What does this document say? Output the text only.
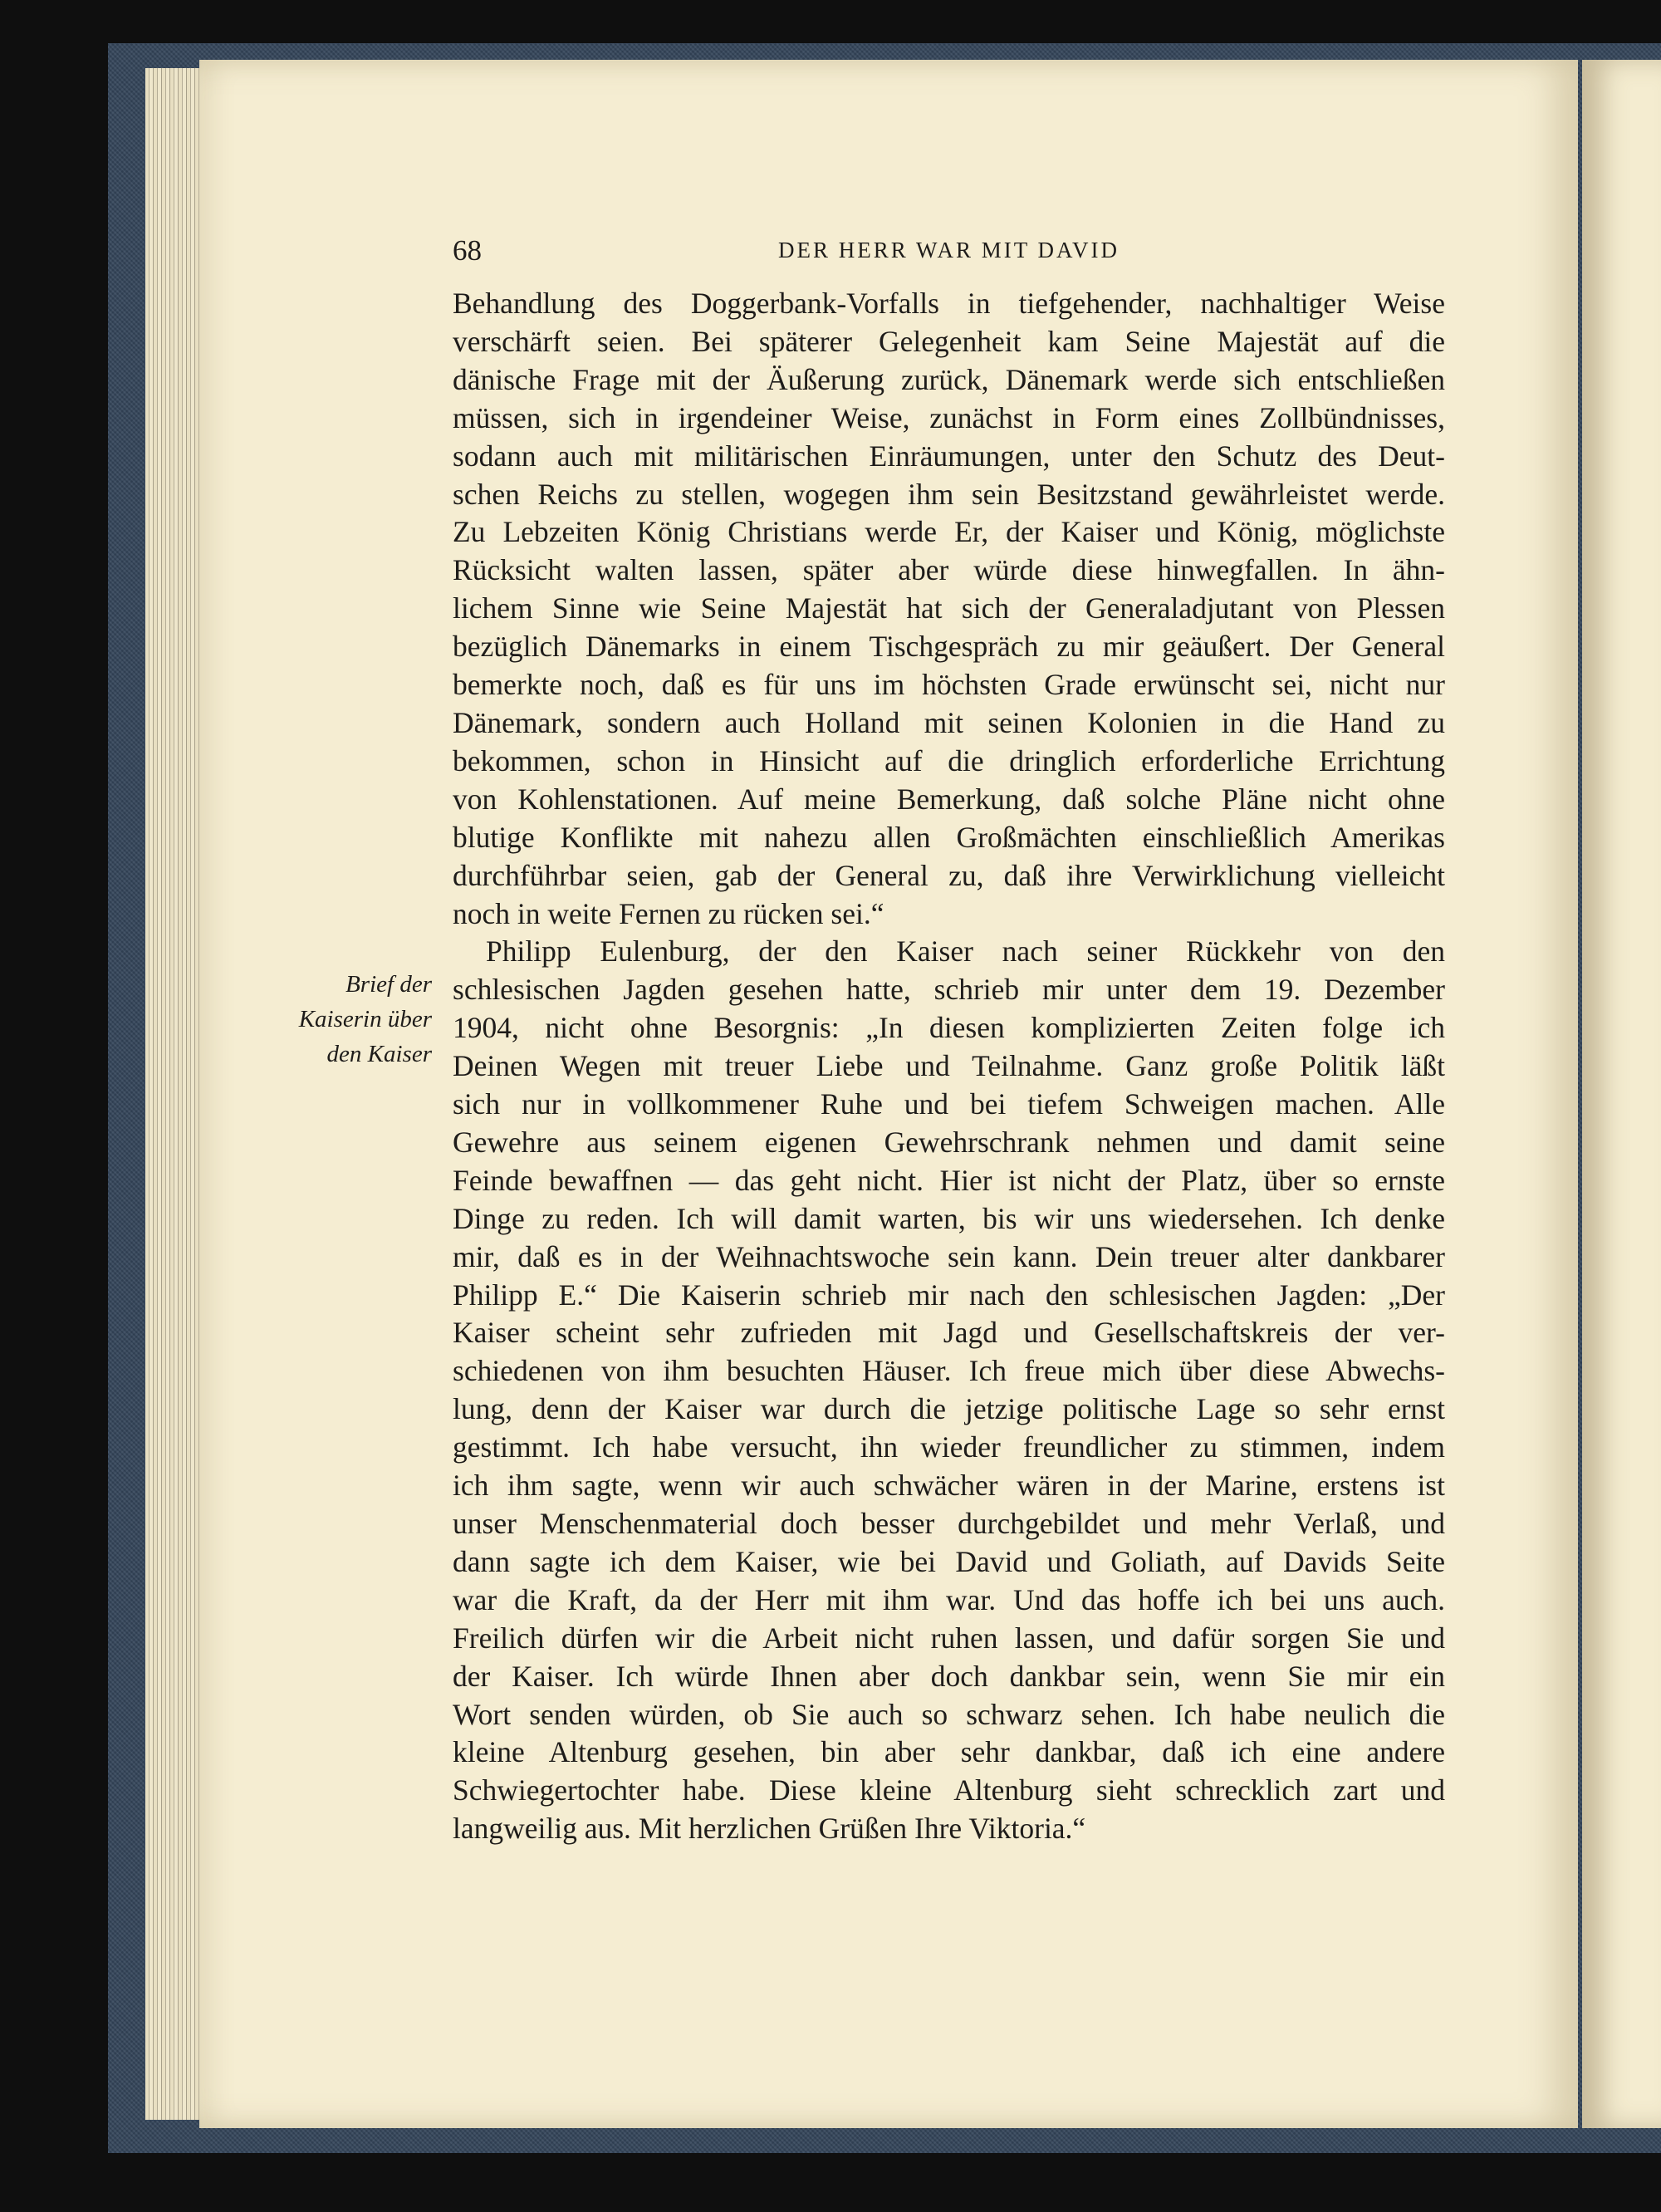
68	DER HERR WAR MIT DAVID
Brief der
Kaiserin über
den Kaiser
Behandlung des Doggerbank-Vorfalls in tiefgehender, nachhaltiger Weise
verschärft seien. Bei späterer Gelegenheit kam Seine Majestät auf die
dänische Frage mit der Äußerung zurück, Dänemark werde sich entschließen
müssen, sich in irgendeiner Weise, zunächst in Form eines Zollbündnisses,
sodann auch mit militärischen Einräumungen, unter den Schutz des Deut-
schen Reichs zu stellen, wogegen ihm sein Besitzstand gewährleistet werde.
Zu Lebzeiten König Christians werde Er, der Kaiser und König, möglichste
Rücksicht walten lassen, später aber würde diese hinwegfallen. In ähn-
lichem Sinne wie Seine Majestät hat sich der Generaladjutant von Plessen
bezüglich Dänemarks in einem Tischgespräch zu mir geäußert. Der General
bemerkte noch, daß es für uns im höchsten Grade erwünscht sei, nicht nur
Dänemark, sondern auch Holland mit seinen Kolonien in die Hand zu
bekommen, schon in Hinsicht auf die dringlich erforderliche Errichtung
von Kohlenstationen. Auf meine Bemerkung, daß solche Pläne nicht ohne
blutige Konflikte mit nahezu allen Großmächten einschließlich Amerikas
durchführbar seien, gab der General zu, daß ihre Verwirklichung vielleicht
noch in weite Fernen zu rücken sei.“
Philipp Eulenburg, der den Kaiser nach seiner Rückkehr von den
schlesischen Jagden gesehen hatte, schrieb mir unter dem 19. Dezember
1904, nicht ohne Besorgnis: „In diesen komplizierten Zeiten folge ich
Deinen Wegen mit treuer Liebe und Teilnahme. Ganz große Politik läßt
sich nur in vollkommener Ruhe und bei tiefem Schweigen machen. Alle
Gewehre aus seinem eigenen Gewehrschrank nehmen und damit seine
Feinde bewaffnen — das geht nicht. Hier ist nicht der Platz, über so ernste
Dinge zu reden. Ich will damit warten, bis wir uns wiedersehen. Ich denke
mir, daß es in der Weihnachtswoche sein kann. Dein treuer alter dankbarer
Philipp E.“ Die Kaiserin schrieb mir nach den schlesischen Jagden: „Der
Kaiser scheint sehr zufrieden mit Jagd und Gesellschaftskreis der ver-
schiedenen von ihm besuchten Häuser. Ich freue mich über diese Abwechs-
lung, denn der Kaiser war durch die jetzige politische Lage so sehr ernst
gestimmt. Ich habe versucht, ihn wieder freundlicher zu stimmen, indem
ich ihm sagte, wenn wir auch schwächer wären in der Marine, erstens ist
unser Menschenmaterial doch besser durchgebildet und mehr Verlaß, und
dann sagte ich dem Kaiser, wie bei David und Goliath, auf Davids Seite
war die Kraft, da der Herr mit ihm war. Und das hoffe ich bei uns auch.
Freilich dürfen wir die Arbeit nicht ruhen lassen, und dafür sorgen Sie und
der Kaiser. Ich würde Ihnen aber doch dankbar sein, wenn Sie mir ein
Wort senden würden, ob Sie auch so schwarz sehen. Ich habe neulich die
kleine Altenburg gesehen, bin aber sehr dankbar, daß ich eine andere
Schwiegertochter habe. Diese kleine Altenburg sieht schrecklich zart und
langweilig aus. Mit herzlichen Grüßen Ihre Viktoria.“
